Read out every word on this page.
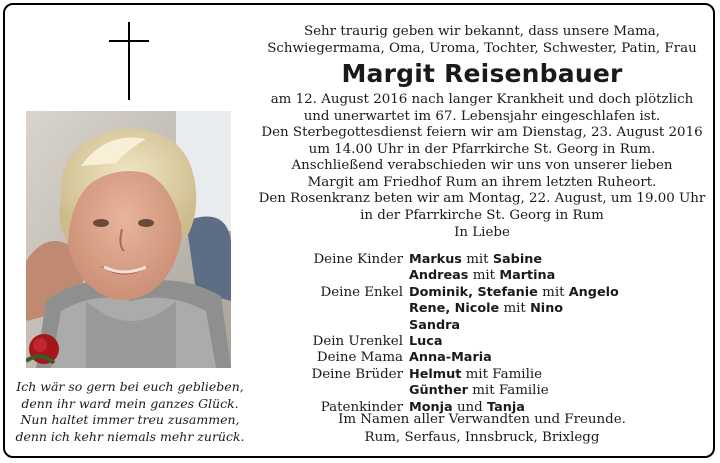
Ich wär so gern bei euch geblieben,
denn ihr ward mein ganzes Glück.
Nun haltet immer treu zusammen,
denn ich kehr niemals mehr zurück.
Sehr traurig geben wir bekannt, dass unsere Mama,
Schwiegermama, Oma, Uroma, Tochter, Schwester, Patin, Frau
Margit Reisenbauer
am 12. August 2016 nach langer Krankheit und doch plötzlich
und unerwartet im 67. Lebensjahr eingeschlafen ist.
Den Sterbegottesdienst feiern wir am Dienstag, 23. August 2016
um 14.00 Uhr in der Pfarrkirche St. Georg in Rum.
Anschließend verabschieden wir uns von unserer lieben
Margit am Friedhof Rum an ihrem letzten Ruheort.
Den Rosenkranz beten wir am Montag, 22. August, um 19.00 Uhr
in der Pfarrkirche St. Georg in Rum
In Liebe
Deine Kinder Markus mit Sabine
Andreas mit Martina
Deine Enkel Dominik, Stefanie mit Angelo
Rene, Nicole mit Nino
Sandra
Dein Urenkel Luca
Deine Mama Anna-Maria
Deine Brüder Helmut mit Familie
Günther mit Familie
Patenkinder Monja und Tanja
Im Namen aller Verwandten und Freunde.
Rum, Serfaus, Innsbruck, Brixlegg
